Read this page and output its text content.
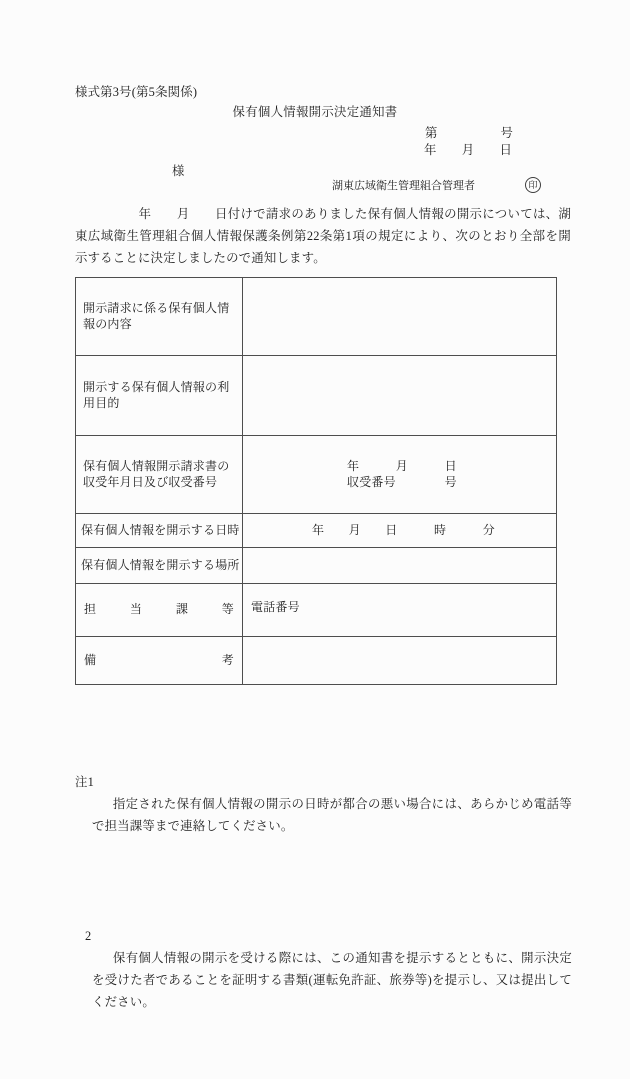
様式第3号(第5条関係)
保有個人情報開示決定通知書
第　　　　　号
年　　月　　日
様
湖東広域衛生管理組合管理者	印
　　　　　年　　月　　日付けで請求のありました保有個人情報の開示については、湖東広域衛生管理組合個人情報保護条例第22条第1項の規定により、次のとおり全部を開示することに決定しましたので通知します。
開示請求に係る保有個人情報の内容	
開示する保有個人情報の利用目的	
保有個人情報開示請求書の収受年月日及び収受番号	年　　　月　　　日
収受番号　　　　号

保有個人情報を開示する日時	年　　月　　日　　　時　　　分
保有個人情報を開示する場所	
担当課等	電話番号

備考	

注1

指定された保有個人情報の開示の日時が都合の悪い場合には、あらかじめ電話等で担当課等まで連絡してください。

2

保有個人情報の開示を受ける際には、この通知書を提示するとともに、開示決定を受けた者であることを証明する書類(運転免許証、旅券等)を提示し、又は提出してください。
